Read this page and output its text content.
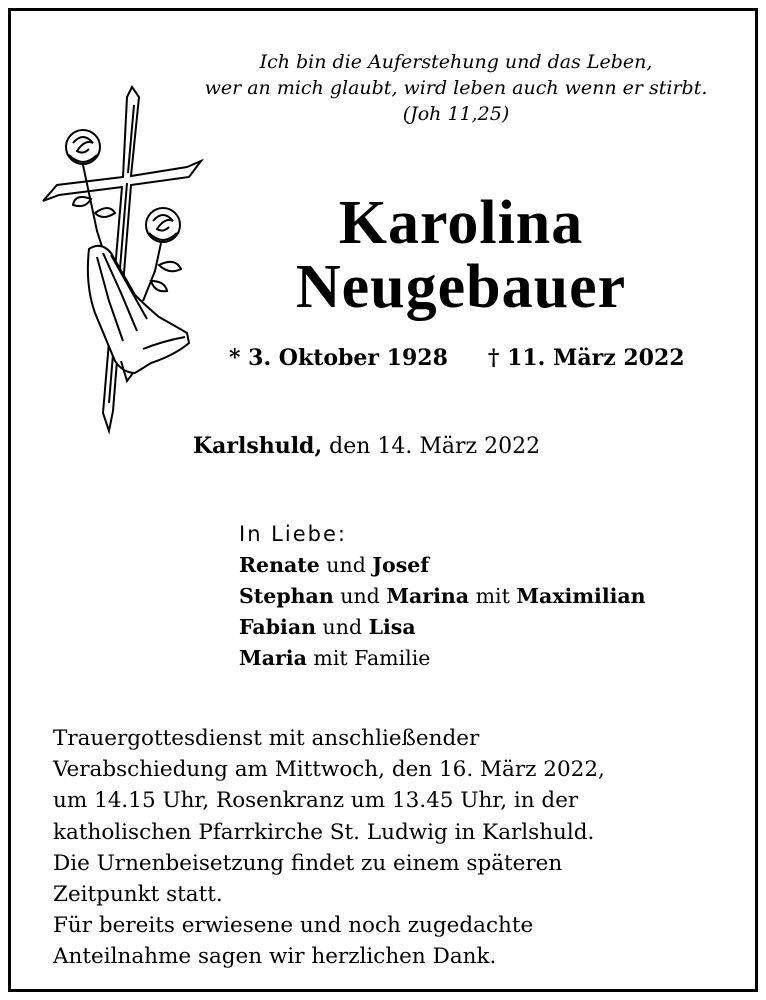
Ich bin die Auferstehung und das Leben,
wer an mich glaubt, wird leben auch wenn er stirbt.
(Joh 11,25)
Karolina
Neugebauer
* 3. Oktober 1928 † 11. März 2022
Karlshuld, den 14. März 2022
In Liebe:
Renate und Josef
Stephan und Marina mit Maximilian
Fabian und Lisa
Maria mit Familie
Trauergottesdienst mit anschließender
Verabschiedung am Mittwoch, den 16. März 2022,
um 14.15 Uhr, Rosenkranz um 13.45 Uhr, in der
katholischen Pfarrkirche St. Ludwig in Karlshuld.
Die Urnenbeisetzung findet zu einem späteren
Zeitpunkt statt.
Für bereits erwiesene und noch zugedachte
Anteilnahme sagen wir herzlichen Dank.
